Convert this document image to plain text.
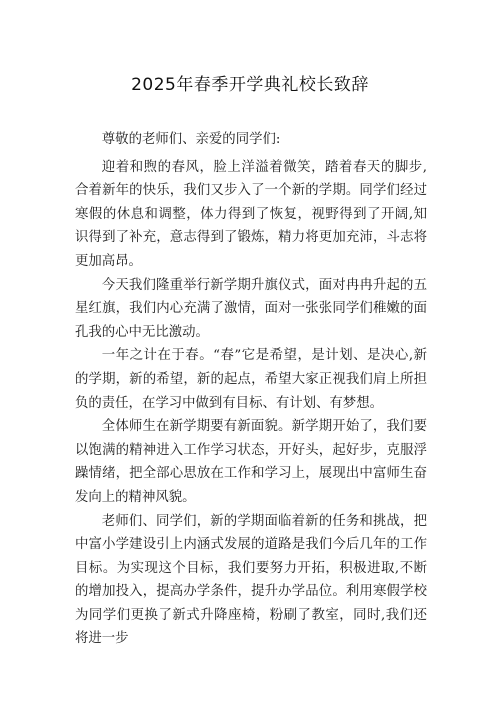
2025年春季开学典礼校长致辞

尊敬的老师们、亲爱的同学们:

迎着和煦的春风，脸上洋溢着微笑，踏着春天的脚步,合着新年的快乐，我们又步入了一个新的学期。同学们经过寒假的休息和调整，体力得到了恢复，视野得到了开阔,知识得到了补充，意志得到了锻炼，精力将更加充沛，斗志将更加高昂。

今天我们隆重举行新学期升旗仪式，面对冉冉升起的五星红旗，我们内心充满了激情，面对一张张同学们稚嫩的面孔我的心中无比激动。

一年之计在于春。“春”它是希望，是计划、是决心,新的学期，新的希望，新的起点，希望大家正视我们肩上所担负的责任，在学习中做到有目标、有计划、有梦想。

全体师生在新学期要有新面貌。新学期开始了，我们要以饱满的精神进入工作学习状态，开好头，起好步，克服浮躁情绪，把全部心思放在工作和学习上，展现出中富师生奋发向上的精神风貌。

老师们、同学们，新的学期面临着新的任务和挑战，把中富小学建设引上内涵式发展的道路是我们今后几年的工作目标。为实现这个目标，我们要努力开拓，积极进取,不断的增加投入，提高办学条件，提升办学品位。利用寒假学校为同学们更换了新式升降座椅，粉刷了教室，同时,我们还将进一步
